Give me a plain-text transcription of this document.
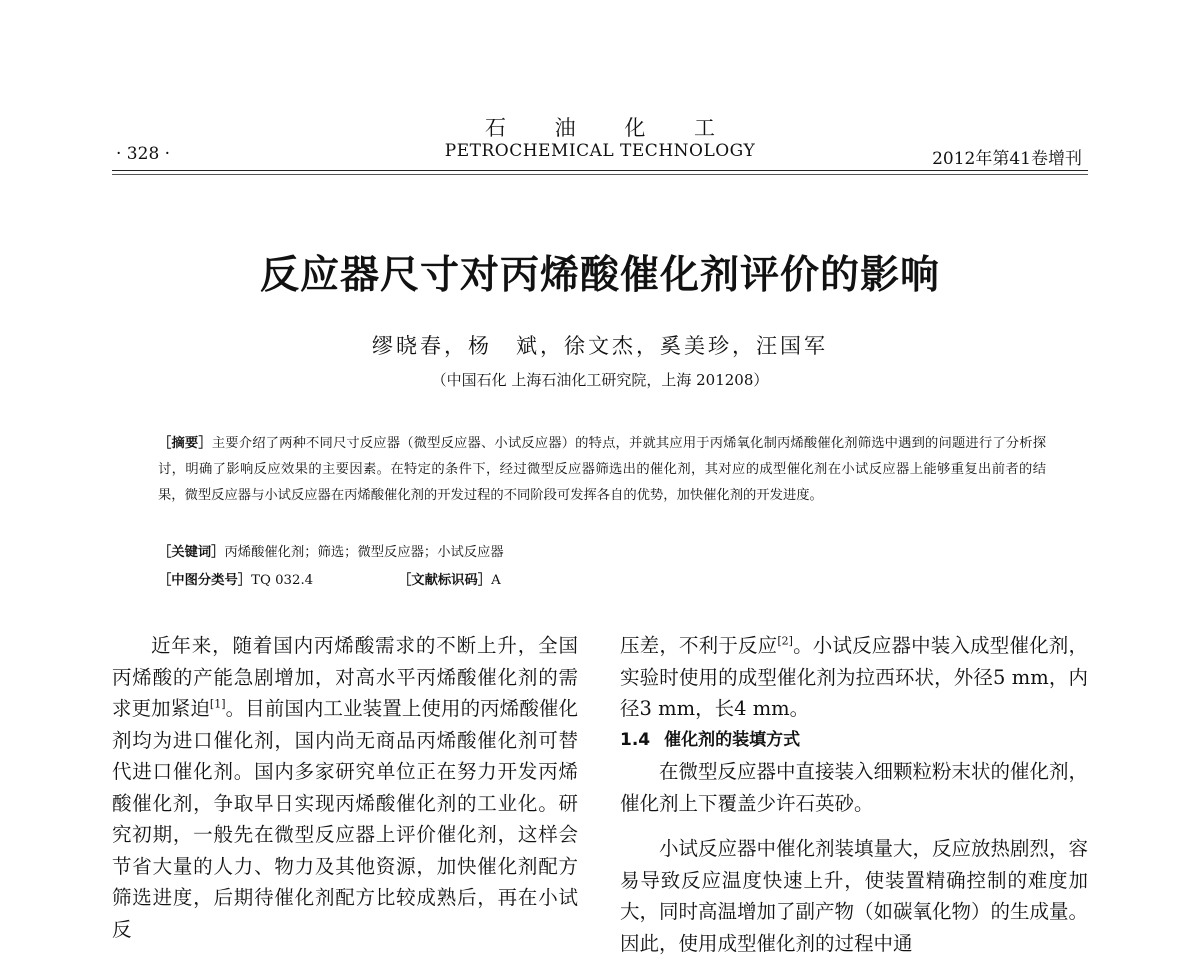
石 油 化 工
PETROCHEMICAL TECHNOLOGY
· 328 ·	2012年第41卷增刊
反应器尺寸对丙烯酸催化剂评价的影响
缪晓春，杨　斌，徐文杰，奚美珍，汪国军
（中国石化 上海石油化工研究院，上海 201208）
［摘要］主要介绍了两种不同尺寸反应器（微型反应器、小试反应器）的特点，并就其应用于丙烯氧化制丙烯酸催化剂筛选中遇到的问题进行了分析探讨，明确了影响反应效果的主要因素。在特定的条件下，经过微型反应器筛选出的催化剂，其对应的成型催化剂在小试反应器上能够重复出前者的结果，微型反应器与小试反应器在丙烯酸催化剂的开发过程的不同阶段可发挥各自的优势，加快催化剂的开发进度。
［关键词］丙烯酸催化剂；筛选；微型反应器；小试反应器
［中图分类号］TQ 032.4	［文献标识码］A
近年来，随着国内丙烯酸需求的不断上升，全国丙烯酸的产能急剧增加，对高水平丙烯酸催化剂的需求更加紧迫[1]。目前国内工业装置上使用的丙烯酸催化剂均为进口催化剂，国内尚无商品丙烯酸催化剂可替代进口催化剂。国内多家研究单位正在努力开发丙烯酸催化剂，争取早日实现丙烯酸催化剂的工业化。研究初期，一般先在微型反应器上评价催化剂，这样会节省大量的人力、物力及其他资源，加快催化剂配方筛选进度，后期待催化剂配方比较成熟后，再在小试反

压差，不利于反应[2]。小试反应器中装入成型催化剂，实验时使用的成型催化剂为拉西环状，外径5 mm，内径3 mm，长4 mm。

1.4 催化剂的装填方式

在微型反应器中直接装入细颗粒粉末状的催化剂，催化剂上下覆盖少许石英砂。

小试反应器中催化剂装填量大，反应放热剧烈，容易导致反应温度快速上升，使装置精确控制的难度加大，同时高温增加了副产物（如碳氧化物）的生成量。因此，使用成型催化剂的过程中通
